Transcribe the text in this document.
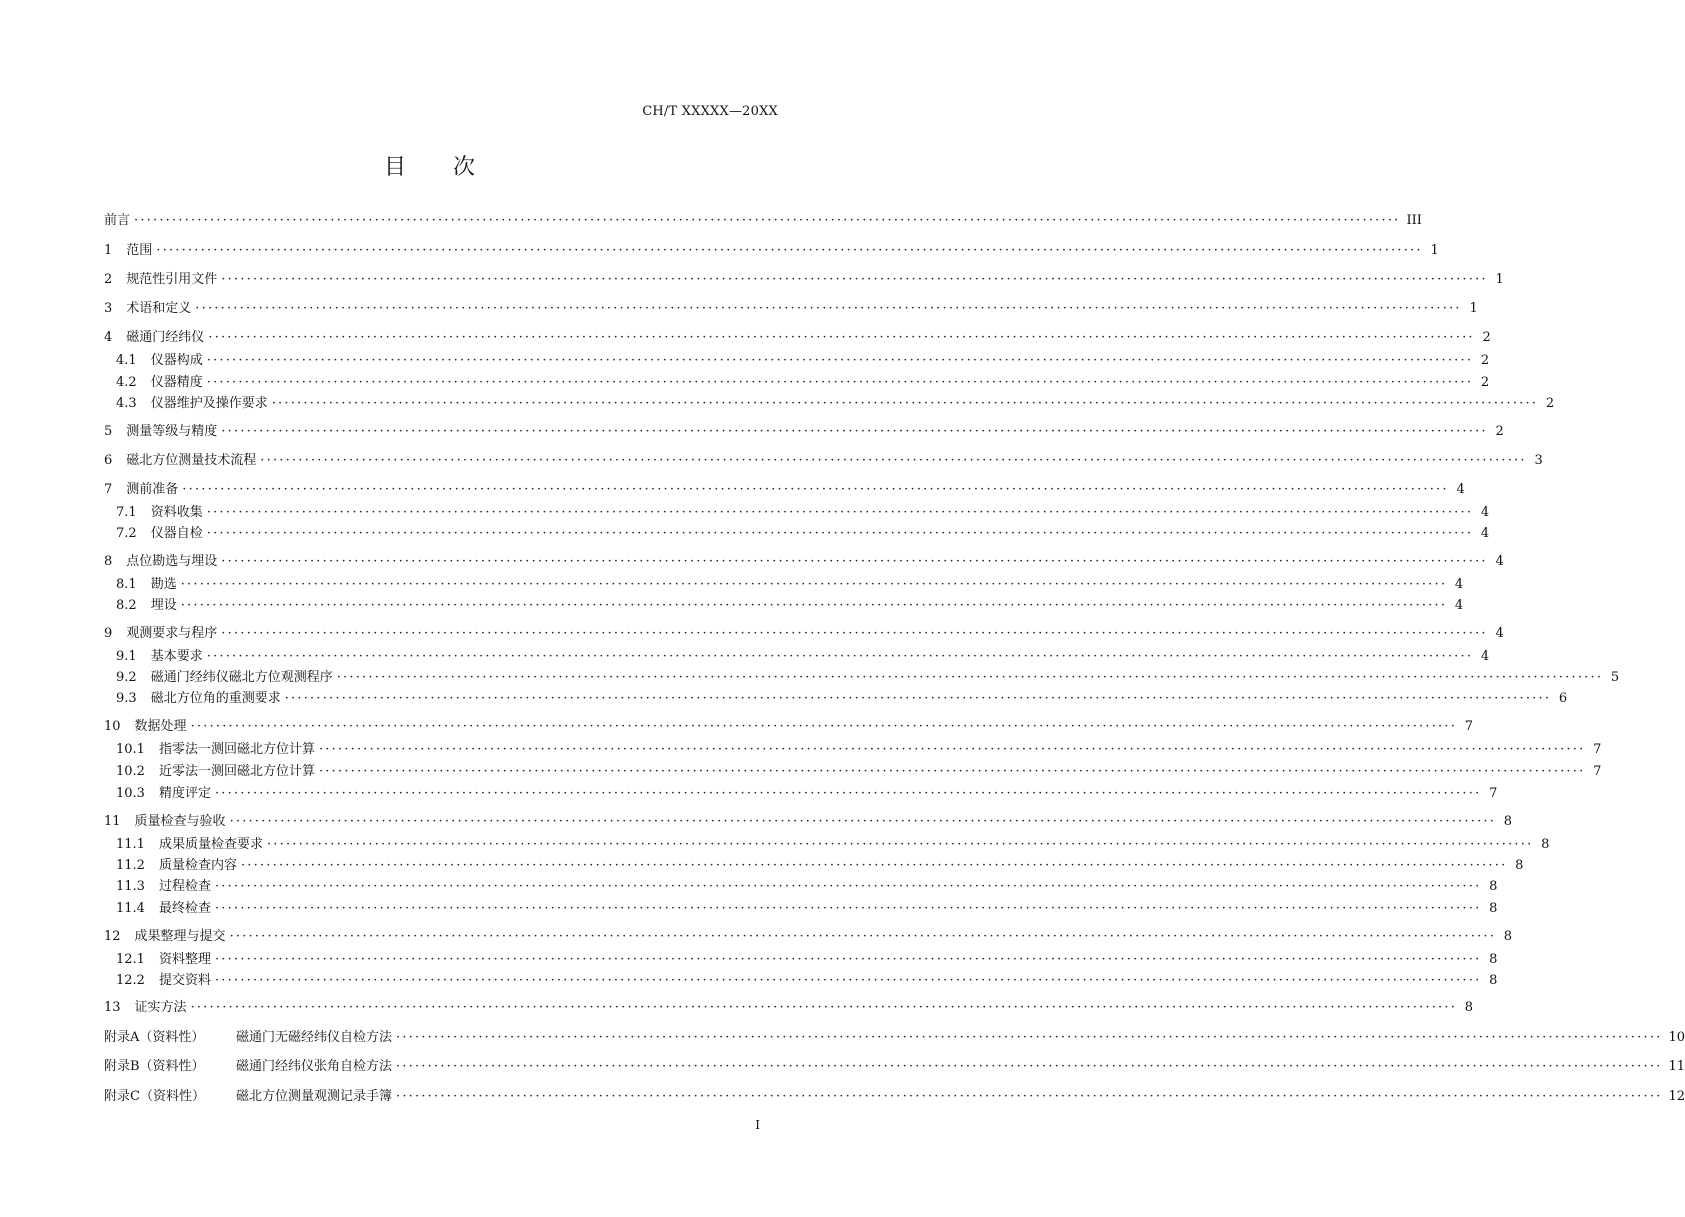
CH/T XXXXX—20XX
目　　次
前言 ········································································································································································································ III
1 范围 ········································································································································································································ 1
2 规范性引用文件 ········································································································································································································ 1
3 术语和定义 ········································································································································································································ 1
4 磁通门经纬仪 ········································································································································································································ 2
4.1 仪器构成 ········································································································································································································ 2
4.2 仪器精度 ········································································································································································································ 2
4.3 仪器维护及操作要求 ········································································································································································································ 2
5 测量等级与精度 ········································································································································································································ 2
6 磁北方位测量技术流程 ········································································································································································································ 3
7 测前准备 ········································································································································································································ 4
7.1 资料收集 ········································································································································································································ 4
7.2 仪器自检 ········································································································································································································ 4
8 点位勘选与埋设 ········································································································································································································ 4
8.1 勘选 ········································································································································································································ 4
8.2 埋设 ········································································································································································································ 4
9 观测要求与程序 ········································································································································································································ 4
9.1 基本要求 ········································································································································································································ 4
9.2 磁通门经纬仪磁北方位观测程序 ········································································································································································································ 5
9.3 磁北方位角的重测要求 ········································································································································································································ 6
10 数据处理 ········································································································································································································ 7
10.1 指零法一测回磁北方位计算 ········································································································································································································ 7
10.2 近零法一测回磁北方位计算 ········································································································································································································ 7
10.3 精度评定 ········································································································································································································ 7
11 质量检查与验收 ········································································································································································································ 8
11.1 成果质量检查要求 ········································································································································································································ 8
11.2 质量检查内容 ········································································································································································································ 8
11.3 过程检查 ········································································································································································································ 8
11.4 最终检查 ········································································································································································································ 8
12 成果整理与提交 ········································································································································································································ 8
12.1 资料整理 ········································································································································································································ 8
12.2 提交资料 ········································································································································································································ 8
13 证实方法 ········································································································································································································ 8
附录A（资料性）	磁通门无磁经纬仪自检方法 ········································································································································································································ 10
附录B（资料性）	磁通门经纬仪张角自检方法 ········································································································································································································ 11
附录C（资料性）	磁北方位测量观测记录手簿 ········································································································································································································ 12
I
